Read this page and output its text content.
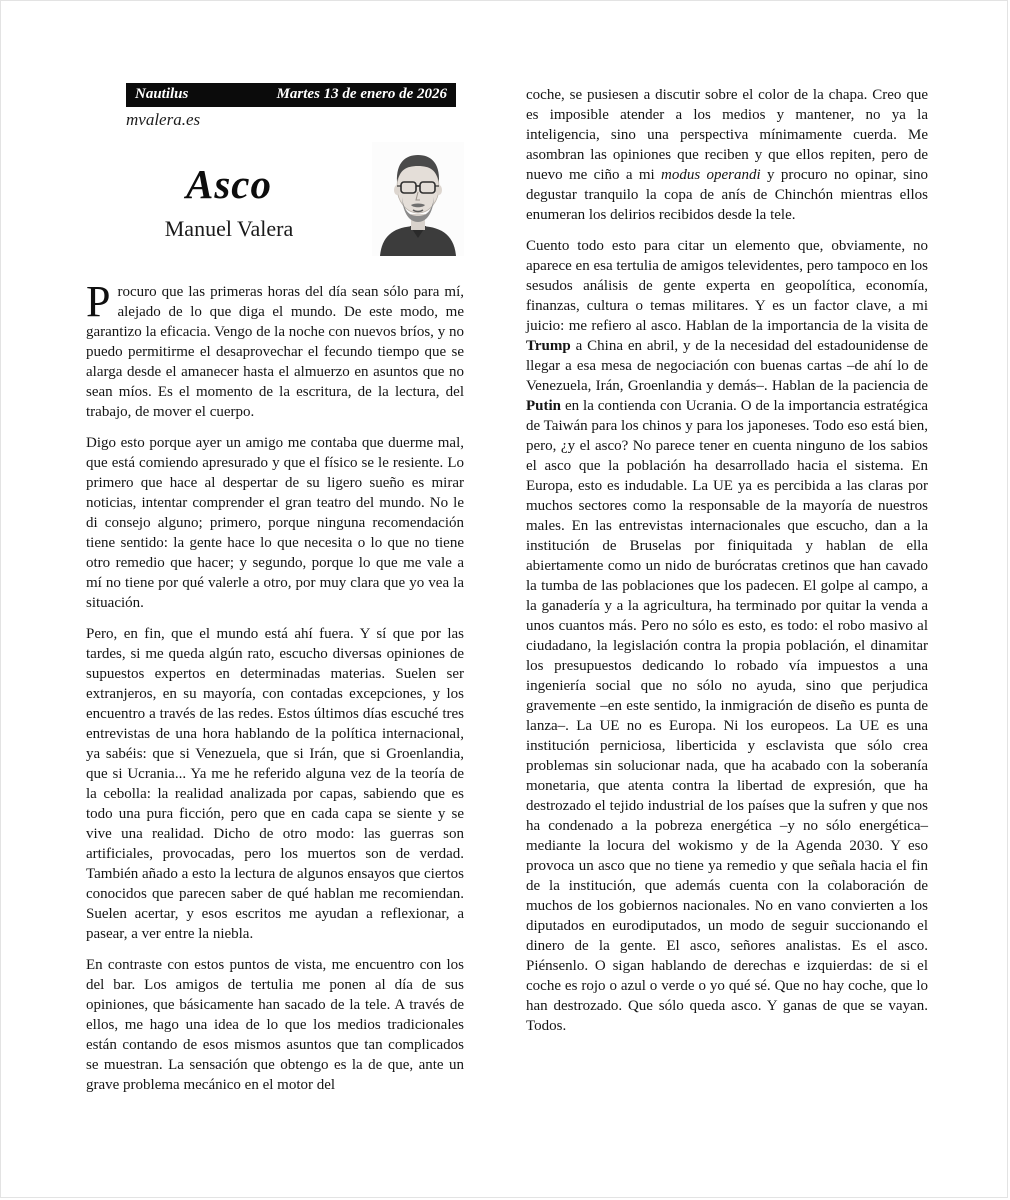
Nautilus	Martes 13 de enero de 2026
mvalera.es
Asco
Manuel Valera

Procuro que las primeras horas del día sean sólo para mí, alejado de lo que diga el mundo. De este modo, me garantizo la eficacia. Vengo de la noche con nuevos bríos, y no puedo permitirme el desaprovechar el fecundo tiempo que se alarga desde el amanecer hasta el almuerzo en asuntos que no sean míos. Es el momento de la escritura, de la lectura, del trabajo, de mover el cuerpo.

Digo esto porque ayer un amigo me contaba que duerme mal, que está comiendo apresurado y que el físico se le resiente. Lo primero que hace al despertar de su ligero sueño es mirar noticias, intentar comprender el gran teatro del mundo. No le di consejo alguno; primero, porque ninguna recomendación tiene sentido: la gente hace lo que necesita o lo que no tiene otro remedio que hacer; y segundo, porque lo que me vale a mí no tiene por qué valerle a otro, por muy clara que yo vea la situación.

Pero, en fin, que el mundo está ahí fuera. Y sí que por las tardes, si me queda algún rato, escucho diversas opiniones de supuestos expertos en determinadas materias. Suelen ser extranjeros, en su mayoría, con contadas excepciones, y los encuentro a través de las redes. Estos últimos días escuché tres entrevistas de una hora hablando de la política internacional, ya sabéis: que si Venezuela, que si Irán, que si Groenlandia, que si Ucrania... Ya me he referido alguna vez de la teoría de la cebolla: la realidad analizada por capas, sabiendo que es todo una pura ficción, pero que en cada capa se siente y se vive una realidad. Dicho de otro modo: las guerras son artificiales, provocadas, pero los muertos son de verdad. También añado a esto la lectura de algunos ensayos que ciertos conocidos que parecen saber de qué hablan me recomiendan. Suelen acertar, y esos escritos me ayudan a reflexionar, a pasear, a ver entre la niebla.

En contraste con estos puntos de vista, me encuentro con los del bar. Los amigos de tertulia me ponen al día de sus opiniones, que básicamente han sacado de la tele. A través de ellos, me hago una idea de lo que los medios tradicionales están contando de esos mismos asuntos que tan complicados se muestran. La sensación que obtengo es la de que, ante un grave problema mecánico en el motor del

coche, se pusiesen a discutir sobre el color de la chapa. Creo que es imposible atender a los medios y mantener, no ya la inteligencia, sino una perspectiva mínimamente cuerda. Me asombran las opiniones que reciben y que ellos repiten, pero de nuevo me ciño a mi modus operandi y procuro no opinar, sino degustar tranquilo la copa de anís de Chinchón mientras ellos enumeran los delirios recibidos desde la tele.

Cuento todo esto para citar un elemento que, obviamente, no aparece en esa tertulia de amigos televidentes, pero tampoco en los sesudos análisis de gente experta en geopolítica, economía, finanzas, cultura o temas militares. Y es un factor clave, a mi juicio: me refiero al asco. Hablan de la importancia de la visita de Trump a China en abril, y de la necesidad del estadounidense de llegar a esa mesa de negociación con buenas cartas –de ahí lo de Venezuela, Irán, Groenlandia y demás–. Hablan de la paciencia de Putin en la contienda con Ucrania. O de la importancia estratégica de Taiwán para los chinos y para los japoneses. Todo eso está bien, pero, ¿y el asco? No parece tener en cuenta ninguno de los sabios el asco que la población ha desarrollado hacia el sistema. En Europa, esto es indudable. La UE ya es percibida a las claras por muchos sectores como la responsable de la mayoría de nuestros males. En las entrevistas internacionales que escucho, dan a la institución de Bruselas por finiquitada y hablan de ella abiertamente como un nido de burócratas cretinos que han cavado la tumba de las poblaciones que los padecen. El golpe al campo, a la ganadería y a la agricultura, ha terminado por quitar la venda a unos cuantos más. Pero no sólo es esto, es todo: el robo masivo al ciudadano, la legislación contra la propia población, el dinamitar los presupuestos dedicando lo robado vía impuestos a una ingeniería social que no sólo no ayuda, sino que perjudica gravemente –en este sentido, la inmigración de diseño es punta de lanza–. La UE no es Europa. Ni los europeos. La UE es una institución perniciosa, liberticida y esclavista que sólo crea problemas sin solucionar nada, que ha acabado con la soberanía monetaria, que atenta contra la libertad de expresión, que ha destrozado el tejido industrial de los países que la sufren y que nos ha condenado a la pobreza energética –y no sólo energética– mediante la locura del wokismo y de la Agenda 2030. Y eso provoca un asco que no tiene ya remedio y que señala hacia el fin de la institución, que además cuenta con la colaboración de muchos de los gobiernos nacionales. No en vano convierten a los diputados en eurodiputados, un modo de seguir succionando el dinero de la gente. El asco, señores analistas. Es el asco. Piénsenlo. O sigan hablando de derechas e izquierdas: de si el coche es rojo o azul o verde o yo qué sé. Que no hay coche, que lo han destrozado. Que sólo queda asco. Y ganas de que se vayan. Todos.
